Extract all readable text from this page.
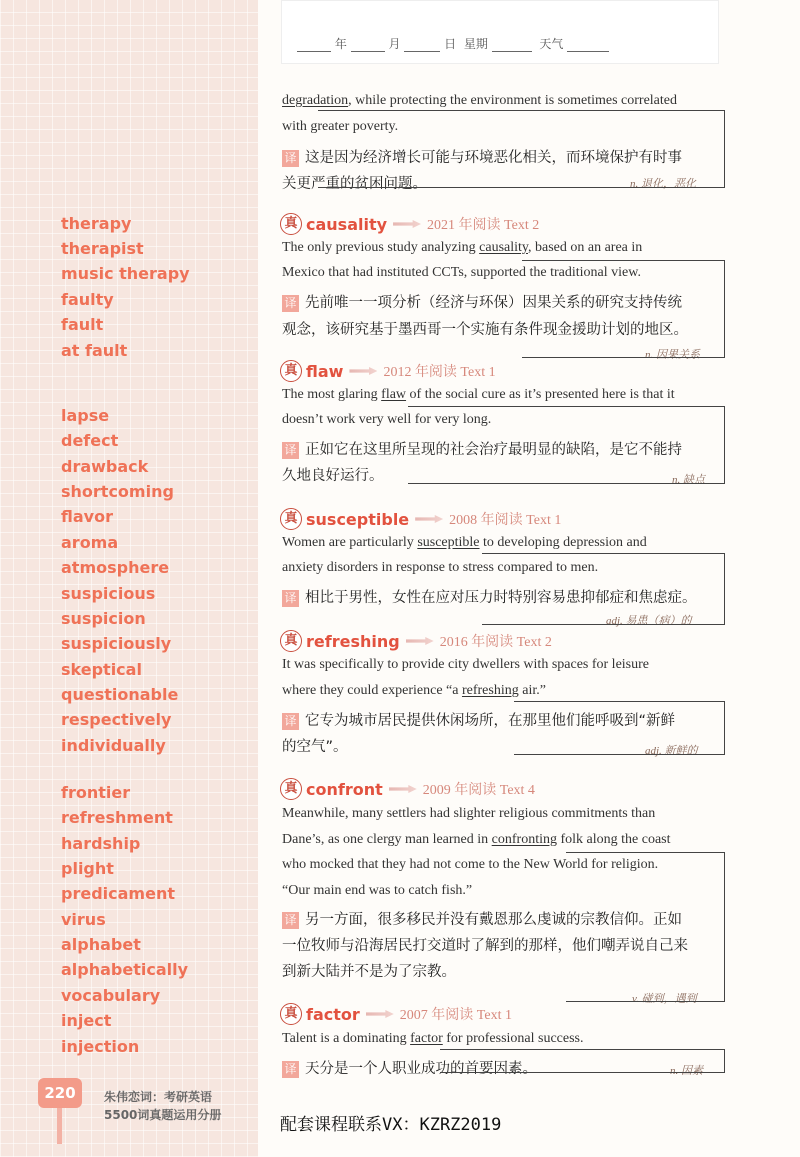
年	月	日 星期	天气
therapy
therapist
music therapy
faulty
fault
at fault
lapse
defect
drawback
shortcoming
flavor
aroma
atmosphere
suspicious
suspicion
suspiciously
skeptical
questionable
respectively
individually
frontier
refreshment
hardship
plight
predicament
virus
alphabet
alphabetically
vocabulary
inject
injection
degradation, while protecting the environment is sometimes correlated
with greater poverty.
译 这是因为经济增长可能与环境恶化相关，而环境保护有时事
关更严重的贫困问题。	n. 退化，恶化
真 causality	2021 年阅读 Text 2
The only previous study analyzing causality, based on an area in
Mexico that had instituted CCTs, supported the traditional view.
译 先前唯一一项分析（经济与环保）因果关系的研究支持传统
观念，该研究基于墨西哥一个实施有条件现金援助计划的地区。
n. 因果关系
真 flaw	2012 年阅读 Text 1
The most glaring flaw of the social cure as it’s presented here is that it
doesn’t work very well for very long.
译 正如它在这里所呈现的社会治疗最明显的缺陷，是它不能持
久地良好运行。	n. 缺点
真 susceptible	2008 年阅读 Text 1
Women are particularly susceptible to developing depression and
anxiety disorders in response to stress compared to men.
译 相比于男性，女性在应对压力时特别容易患抑郁症和焦虑症。
adj. 易患（病）的
真 refreshing	2016 年阅读 Text 2
It was specifically to provide city dwellers with spaces for leisure
where they could experience “a refreshing air.”
译 它专为城市居民提供休闲场所，在那里他们能呼吸到“新鲜
的空气”。	adj. 新鲜的
真 confront	2009 年阅读 Text 4
Meanwhile, many settlers had slighter religious commitments than
Dane’s, as one clergy man learned in confronting folk along the coast
who mocked that they had not come to the New World for religion.
“Our main end was to catch fish.”
译 另一方面，很多移民并没有戴恩那么虔诚的宗教信仰。正如
一位牧师与沿海居民打交道时了解到的那样，他们嘲弄说自己来
到新大陆并不是为了宗教。
v. 碰到，遇到
真 factor	2007 年阅读 Text 1
Talent is a dominating factor for professional success.
译 天分是一个人职业成功的首要因素。	n. 因素
220	朱伟恋词：考研英语
5500词真题运用分册	配套课程联系VX：KZRZ2019
